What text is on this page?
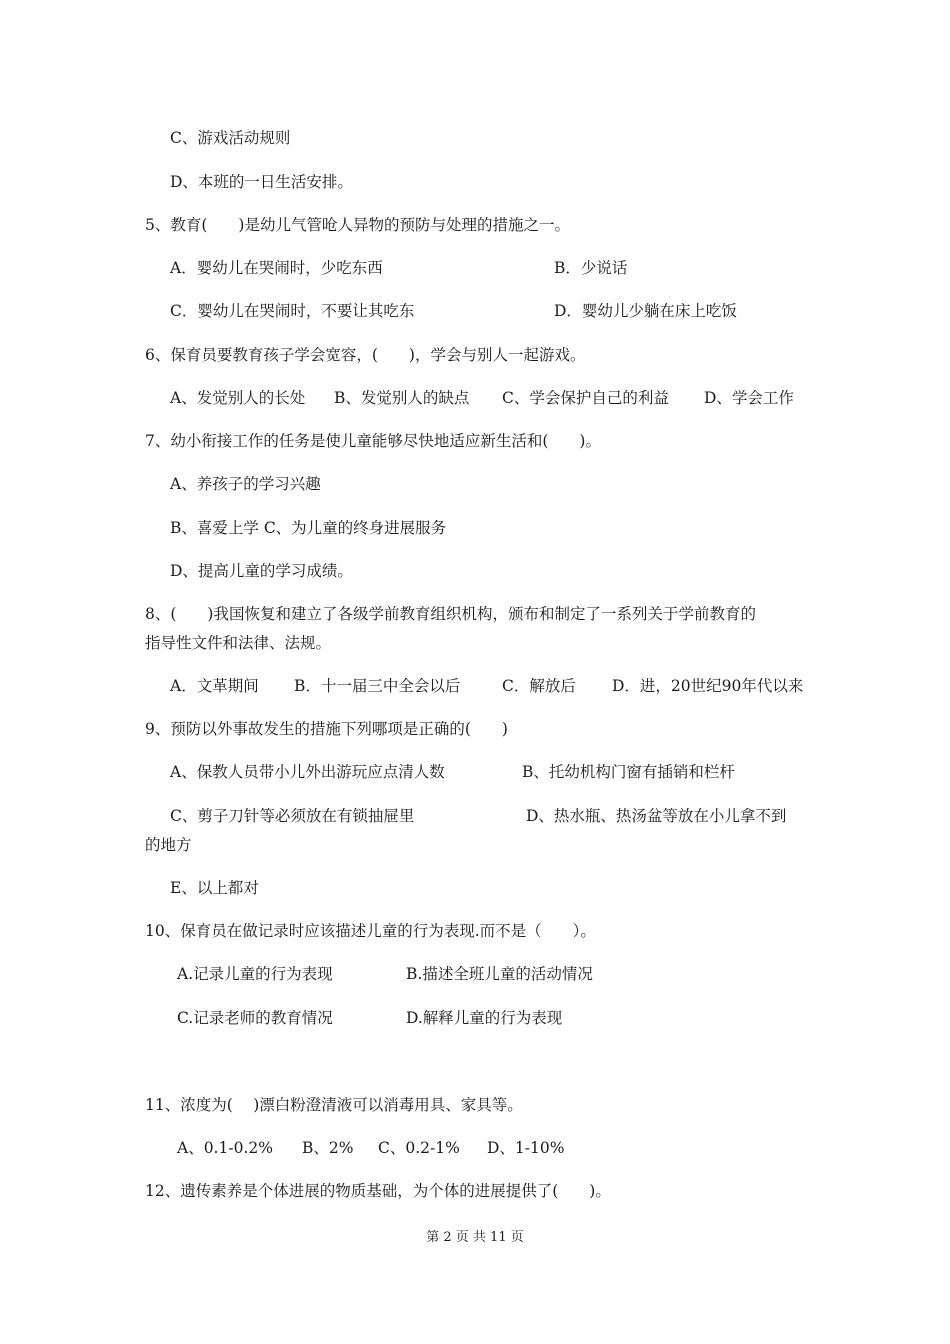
C、游戏活动规则
D、本班的一日生活安排。
5、教育(　　)是幼儿气管呛人异物的预防与处理的措施之一。
A．婴幼儿在哭闹时，少吃东西	B．少说话
C．婴幼儿在哭闹时，不要让其吃东	D．婴幼儿少躺在床上吃饭
6、保育员要教育孩子学会宽容，(　　)，学会与别人一起游戏。
A、发觉别人的长处 B、发觉别人的缺点 C、学会保护自己的利益 D、学会工作
7、幼小衔接工作的任务是使儿童能够尽快地适应新生活和(　　)。
A、养孩子的学习兴趣
B、喜爱上学 C、为儿童的终身进展服务
D、提高儿童的学习成绩。
8、(　　)我国恢复和建立了各级学前教育组织机构，颁布和制定了一系列关于学前教育的
指导性文件和法律、法规。
A．文革期间 B．十一届三中全会以后	C．解放后 D．进，20世纪90年代以来
9、预防以外事故发生的措施下列哪项是正确的(　　)
A、保教人员带小儿外出游玩应点清人数	B、托幼机构门窗有插销和栏杆
C、剪子刀针等必须放在有锁抽屉里	D、热水瓶、热汤盆等放在小儿拿不到
的地方
E、以上都对
10、保育员在做记录时应该描述儿童的行为表现.而不是（　　）。
A.记录儿童的行为表现	B.描述全班儿童的活动情况
C.记录老师的教育情况	D.解释儿童的行为表现
11、浓度为(　 )漂白粉澄清液可以消毒用具、家具等。
A、0.1-0.2% B、2% C、0.2-1% D、1-10%
12、遗传素养是个体进展的物质基础，为个体的进展提供了(　　)。
第 2 页 共 11 页
